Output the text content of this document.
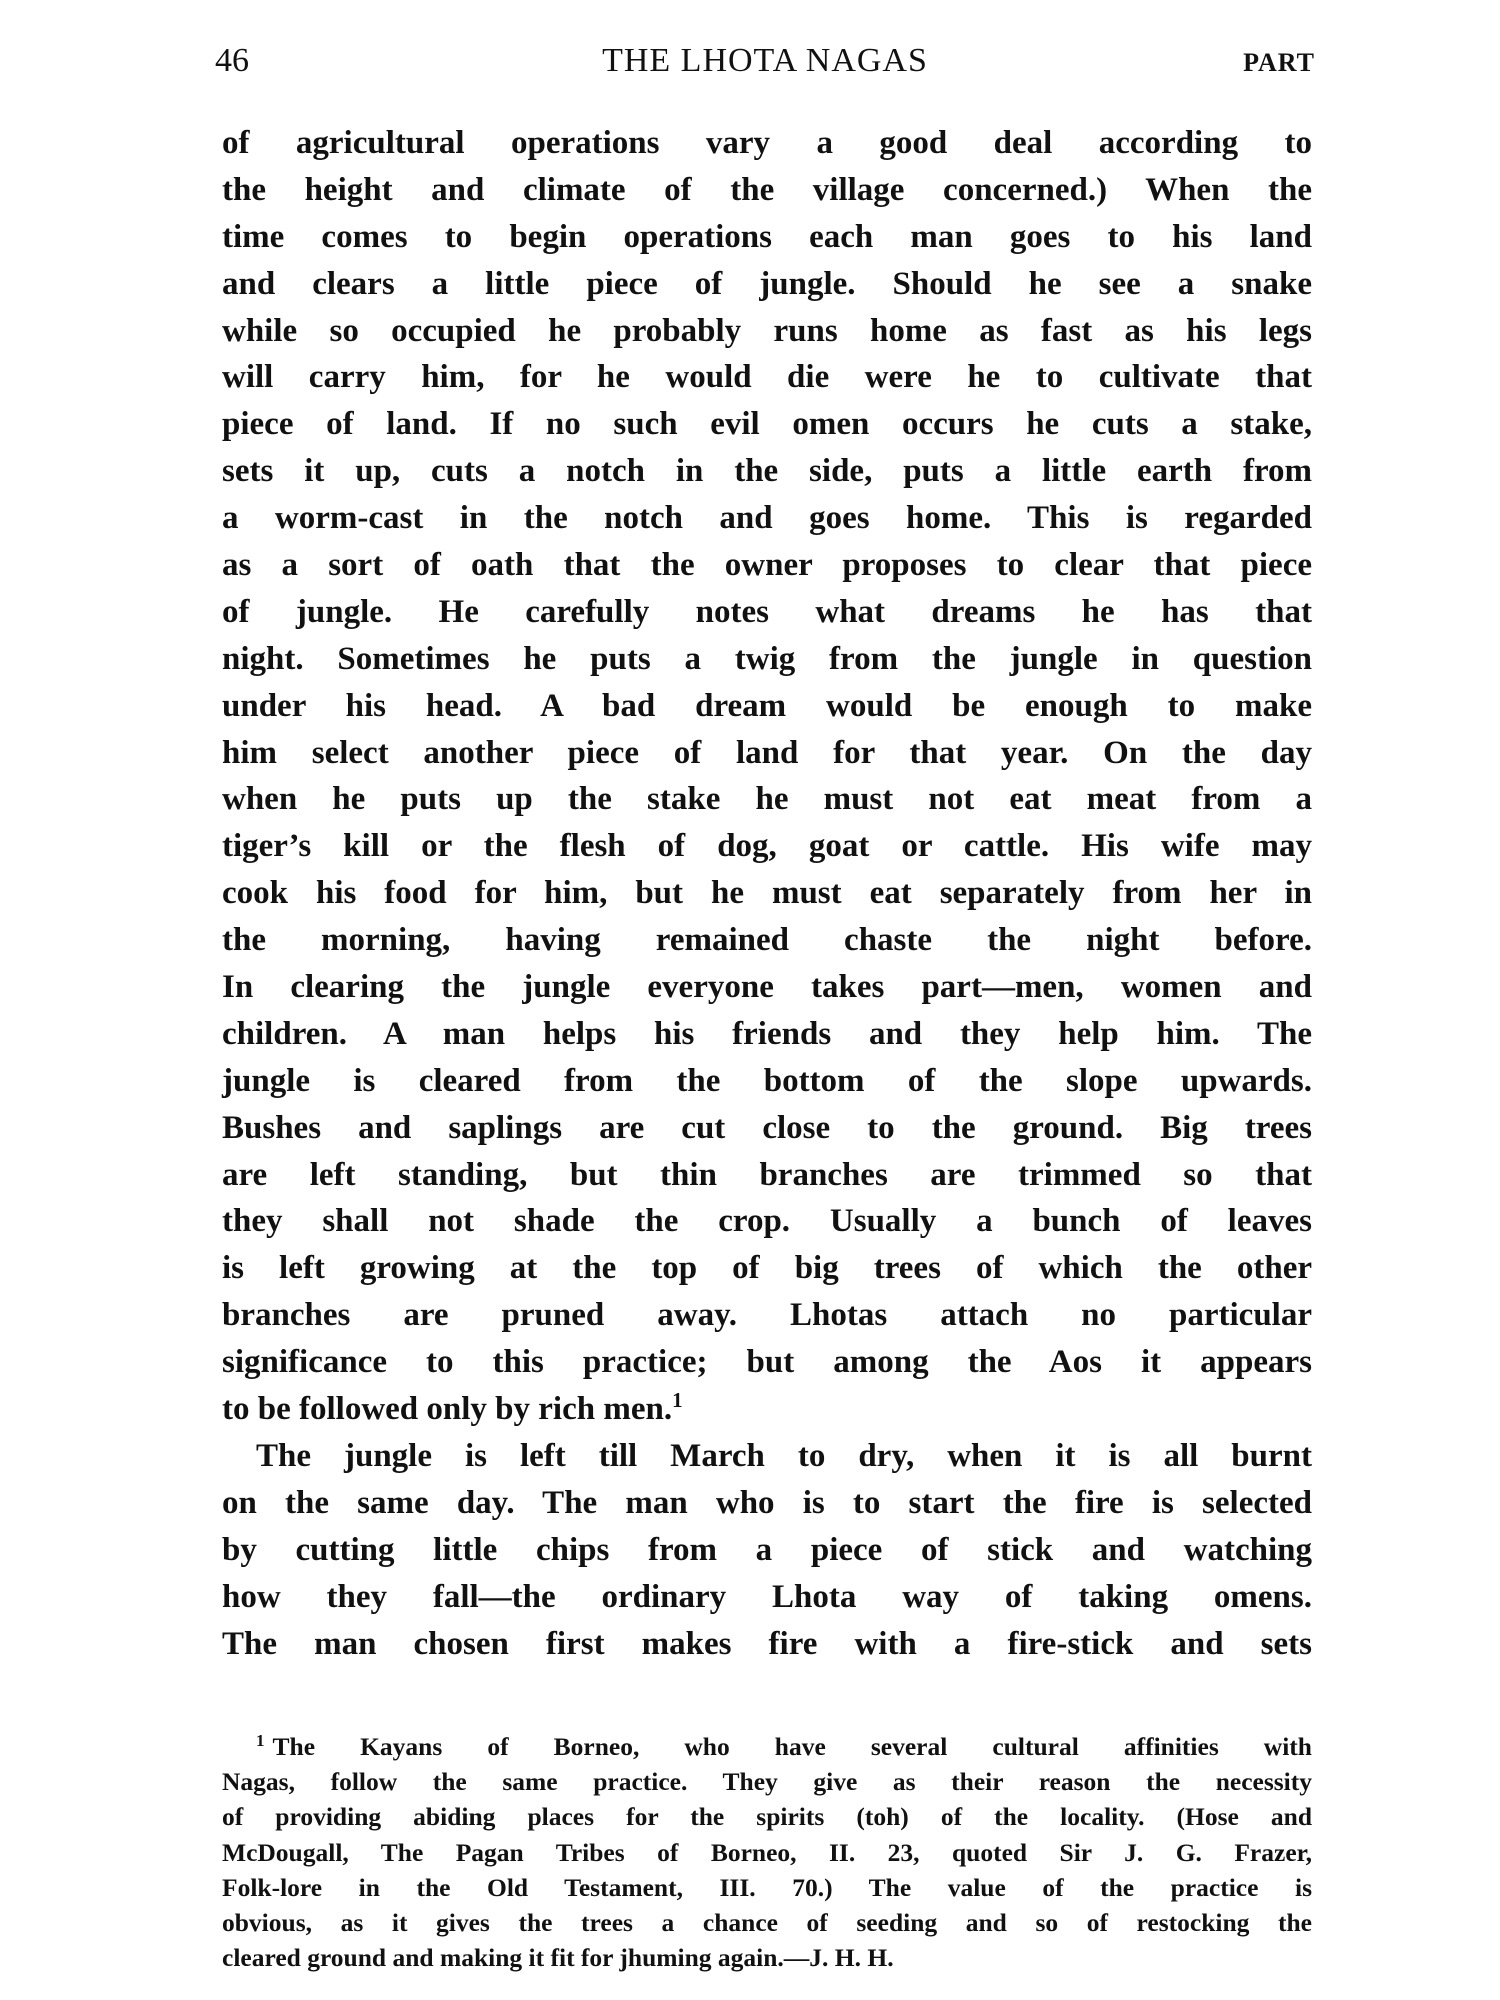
46	THE LHOTA NAGAS	PART
of agricultural operations vary a good deal according to
the height and climate of the village concerned.) When the
time comes to begin operations each man goes to his land
and clears a little piece of jungle. Should he see a snake
while so occupied he probably runs home as fast as his legs
will carry him, for he would die were he to cultivate that
piece of land. If no such evil omen occurs he cuts a stake,
sets it up, cuts a notch in the side, puts a little earth from
a worm-cast in the notch and goes home. This is regarded
as a sort of oath that the owner proposes to clear that piece
of jungle. He carefully notes what dreams he has that
night. Sometimes he puts a twig from the jungle in question
under his head. A bad dream would be enough to make
him select another piece of land for that year. On the day
when he puts up the stake he must not eat meat from a
tiger’s kill or the flesh of dog, goat or cattle. His wife may
cook his food for him, but he must eat separately from her in
the morning, having remained chaste the night before.
In clearing the jungle everyone takes part—men, women and
children. A man helps his friends and they help him. The
jungle is cleared from the bottom of the slope upwards.
Bushes and saplings are cut close to the ground. Big trees
are left standing, but thin branches are trimmed so that
they shall not shade the crop. Usually a bunch of leaves
is left growing at the top of big trees of which the other
branches are pruned away. Lhotas attach no particular
significance to this practice; but among the Aos it appears
to be followed only by rich men.$^1$
The jungle is left till March to dry, when it is all burnt
on the same day. The man who is to start the fire is selected
by cutting little chips from a piece of stick and watching
how they fall—the ordinary Lhota way of taking omens.
The man chosen first makes fire with a fire-stick and sets
$^1$ The Kayans of Borneo, who have several cultural affinities with
Nagas, follow the same practice. They give as their reason the necessity
of providing abiding places for the spirits (toh) of the locality. (Hose and
McDougall, The Pagan Tribes of Borneo, II. 23, quoted Sir J. G. Frazer,
Folk-lore in the Old Testament, III. 70.) The value of the practice is
obvious, as it gives the trees a chance of seeding and so of restocking the
cleared ground and making it fit for jhuming again.—J. H. H.
